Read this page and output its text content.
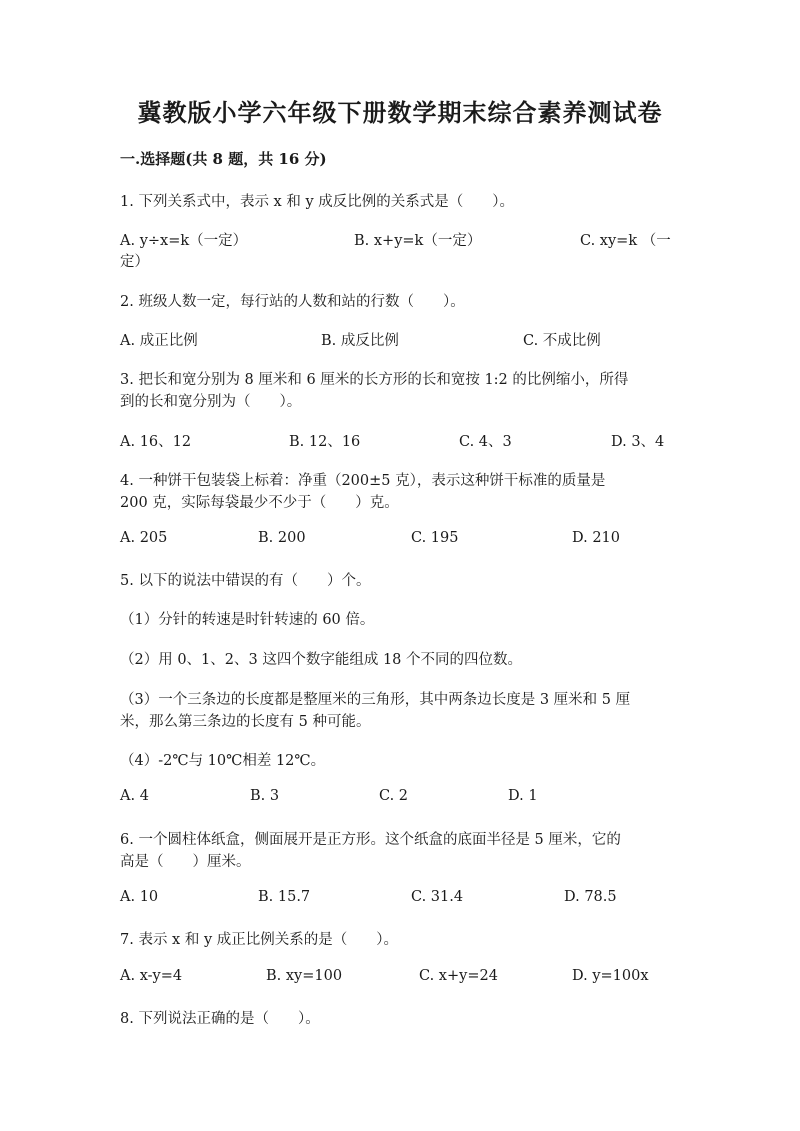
冀教版小学六年级下册数学期末综合素养测试卷
一.选择题(共 8 题，共 16 分)
1. 下列关系式中，表示 x 和 y 成反比例的关系式是（　　）。
A. y÷x=k（一定）	B. x+y=k（一定）	C. xy=k （一
定）
2. 班级人数一定，每行站的人数和站的行数（　　）。
A. 成正比例	B. 成反比例	C. 不成比例
3. 把长和宽分别为 8 厘米和 6 厘米的长方形的长和宽按 1:2 的比例缩小，所得
到的长和宽分别为（　　）。
A. 16、12	B. 12、16	C. 4、3	D. 3、4
4. 一种饼干包装袋上标着：净重（200±5 克），表示这种饼干标准的质量是
200 克，实际每袋最少不少于（　　）克。
A. 205	B. 200	C. 195	D. 210
5. 以下的说法中错误的有（　　）个。
（1）分针的转速是时针转速的 60 倍。
（2）用 0、1、2、3 这四个数字能组成 18 个不同的四位数。
（3）一个三条边的长度都是整厘米的三角形，其中两条边长度是 3 厘米和 5 厘
米，那么第三条边的长度有 5 种可能。
（4）-2℃与 10℃相差 12℃。
A. 4	B. 3	C. 2	D. 1
6. 一个圆柱体纸盒，侧面展开是正方形。这个纸盒的底面半径是 5 厘米，它的
高是（　　）厘米。
A. 10	B. 15.7	C. 31.4	D. 78.5
7. 表示 x 和 y 成正比例关系的是（　　）。
A. x-y=4	B. xy=100	C. x+y=24	D. y=100x
8. 下列说法正确的是（　　）。
